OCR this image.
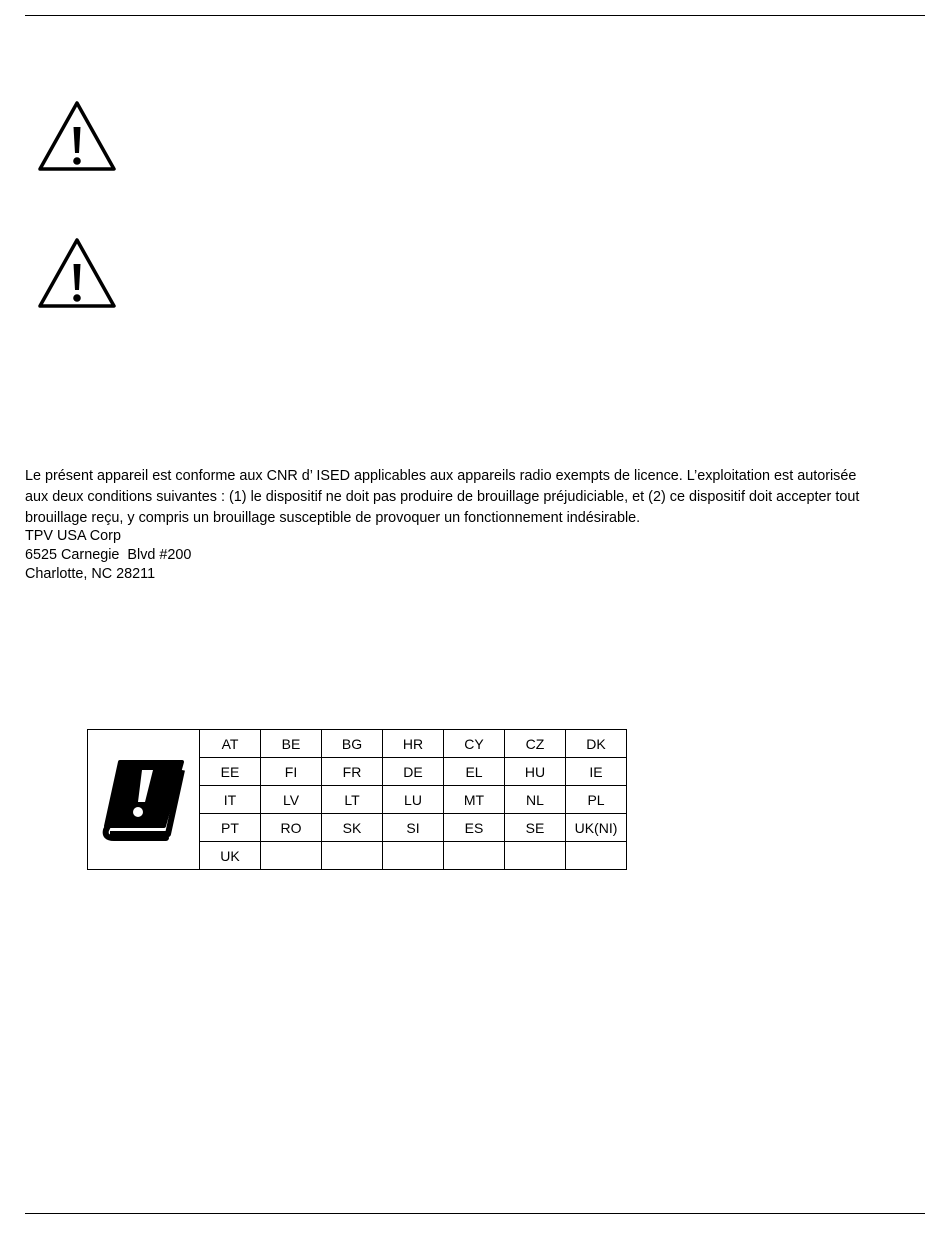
Le présent appareil est conforme aux CNR d’ ISED applicables aux appareils radio exempts de licence. L’exploitation est autorisée
aux deux conditions suivantes : (1) le dispositif ne doit pas produire de brouillage préjudiciable, et (2) ce dispositif doit accepter tout
brouillage reçu, y compris un brouillage susceptible de provoquer un fonctionnement indésirable.

TPV USA Corp
6525 Carnegie  Blvd #200
Charlotte, NC 28211
	AT	BE	BG	HR	CY	CZ	DK
	EE	FI	FR	DE	EL	HU	IE
	IT	LV	LT	LU	MT	NL	PL
	PT	RO	SK	SI	ES	SE	UK(NI)
	UK						
